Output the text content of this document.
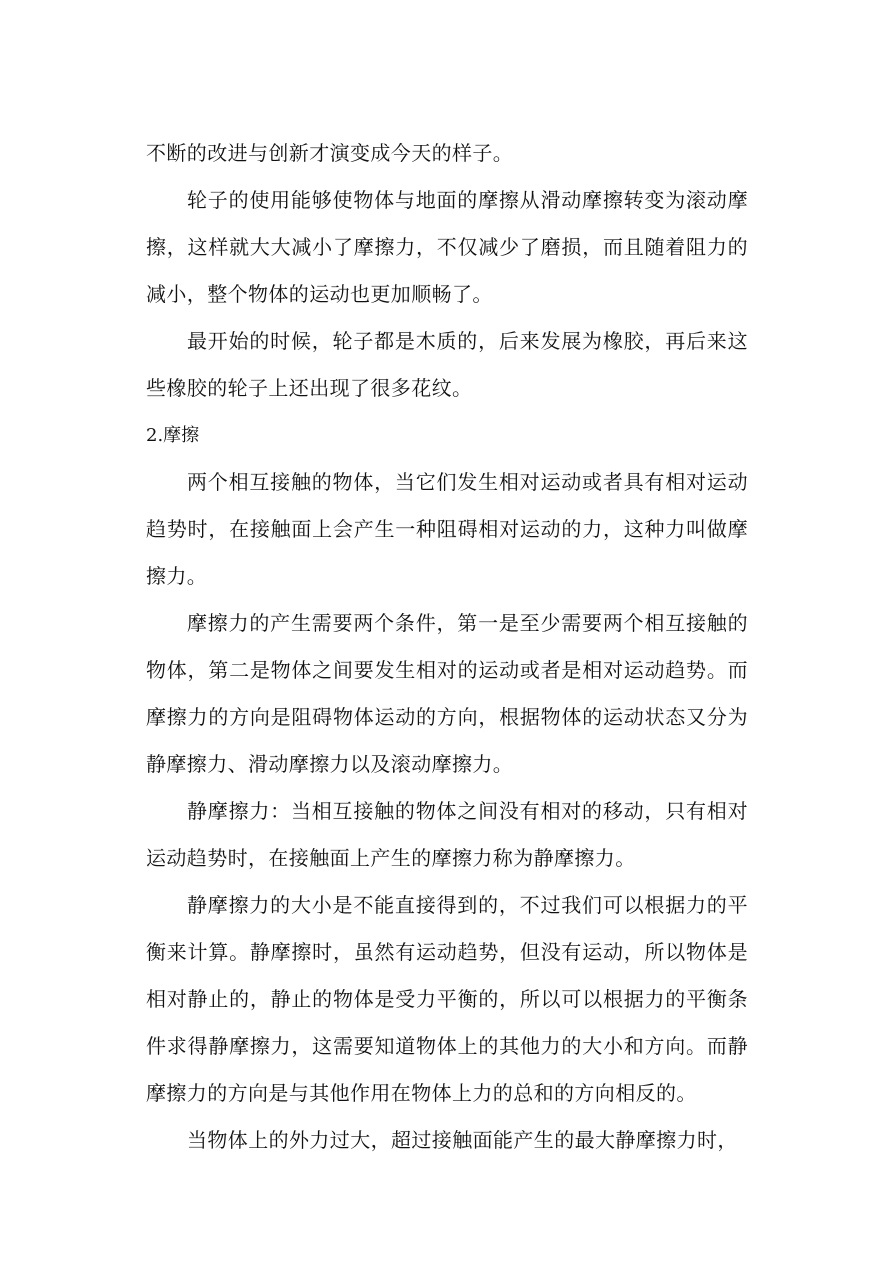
不断的改进与创新才演变成今天的样子。

轮子的使用能够使物体与地面的摩擦从滑动摩擦转变为滚动摩擦，这样就大大减小了摩擦力，不仅减少了磨损，而且随着阻力的减小，整个物体的运动也更加顺畅了。

最开始的时候，轮子都是木质的，后来发展为橡胶，再后来这些橡胶的轮子上还出现了很多花纹。

2.摩擦

两个相互接触的物体，当它们发生相对运动或者具有相对运动趋势时，在接触面上会产生一种阻碍相对运动的力，这种力叫做摩擦力。

摩擦力的产生需要两个条件，第一是至少需要两个相互接触的物体，第二是物体之间要发生相对的运动或者是相对运动趋势。而摩擦力的方向是阻碍物体运动的方向，根据物体的运动状态又分为静摩擦力、滑动摩擦力以及滚动摩擦力。

静摩擦力：当相互接触的物体之间没有相对的移动，只有相对运动趋势时，在接触面上产生的摩擦力称为静摩擦力。

静摩擦力的大小是不能直接得到的，不过我们可以根据力的平衡来计算。静摩擦时，虽然有运动趋势，但没有运动，所以物体是相对静止的，静止的物体是受力平衡的，所以可以根据力的平衡条件求得静摩擦力，这需要知道物体上的其他力的大小和方向。而静摩擦力的方向是与其他作用在物体上力的总和的方向相反的。

当物体上的外力过大，超过接触面能产生的最大静摩擦力时，
